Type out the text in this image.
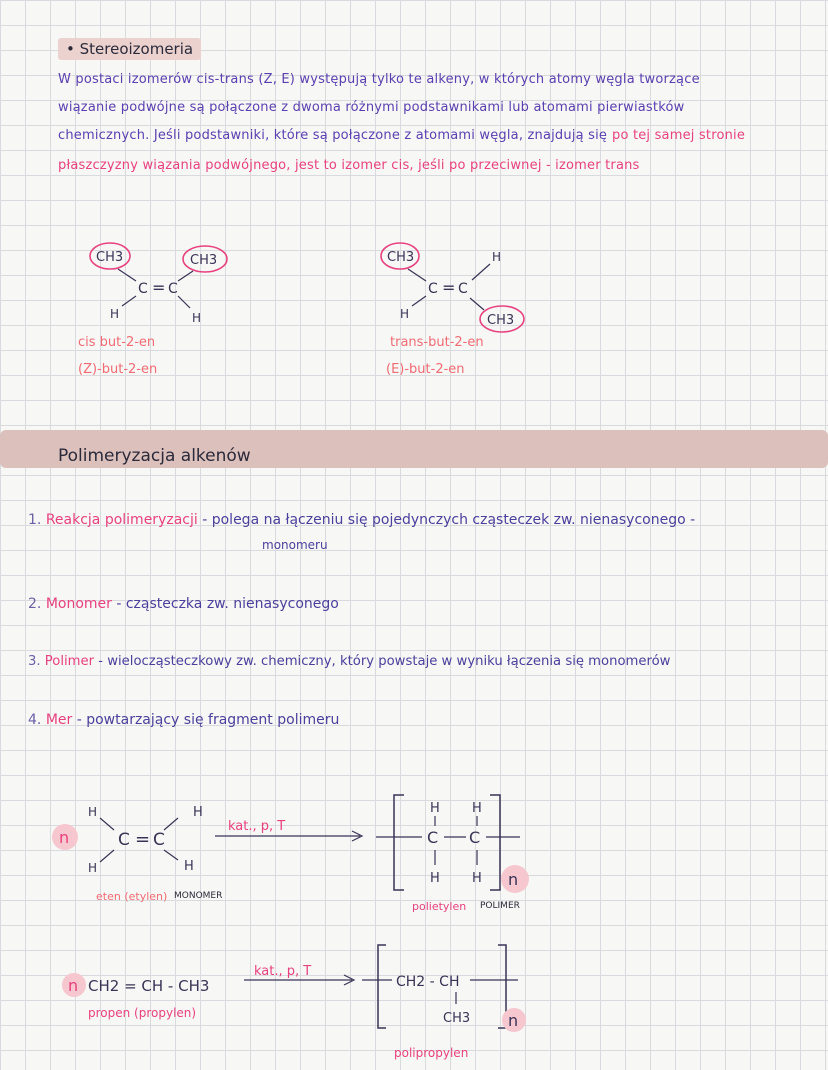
• Stereoizomeria
W postaci izomerów cis-trans (Z, E) występują tylko te alkeny, w których atomy węgla tworzące
wiązanie podwójne są połączone z dwoma różnymi podstawnikami lub atomami pierwiastków
chemicznych. Jeśli podstawniki, które są połączone z atomami węgla, znajdują się po tej samej stronie
płaszczyzny wiązania podwójnego, jest to izomer cis, jeśli po przeciwnej - izomer trans
CH3	CH3
C = C
H	H
cis but-2-en
(Z)-but-2-en
CH3	H
C = C
H	CH3
trans-but-2-en
(E)-but-2-en
Polimeryzacja alkenów
1. Reakcja polimeryzacji - polega na łączeniu się pojedynczych cząsteczek zw. nienasyconego -
monomeru
2. Monomer - cząsteczka zw. nienasyconego
3. Polimer - wielocząsteczkowy zw. chemiczny, który powstaje w wyniku łączenia się monomerów
4. Mer - powtarzający się fragment polimeru
n
H
C = C
H
H	H
kat., p, T
H H
C C
H H n
eten (etylen) MONOMER
polietylen POLIMER
n CH2 = CH - CH3
kat., p, T
CH2 - CH
CH3 n
propen (propylen)
polipropylen
